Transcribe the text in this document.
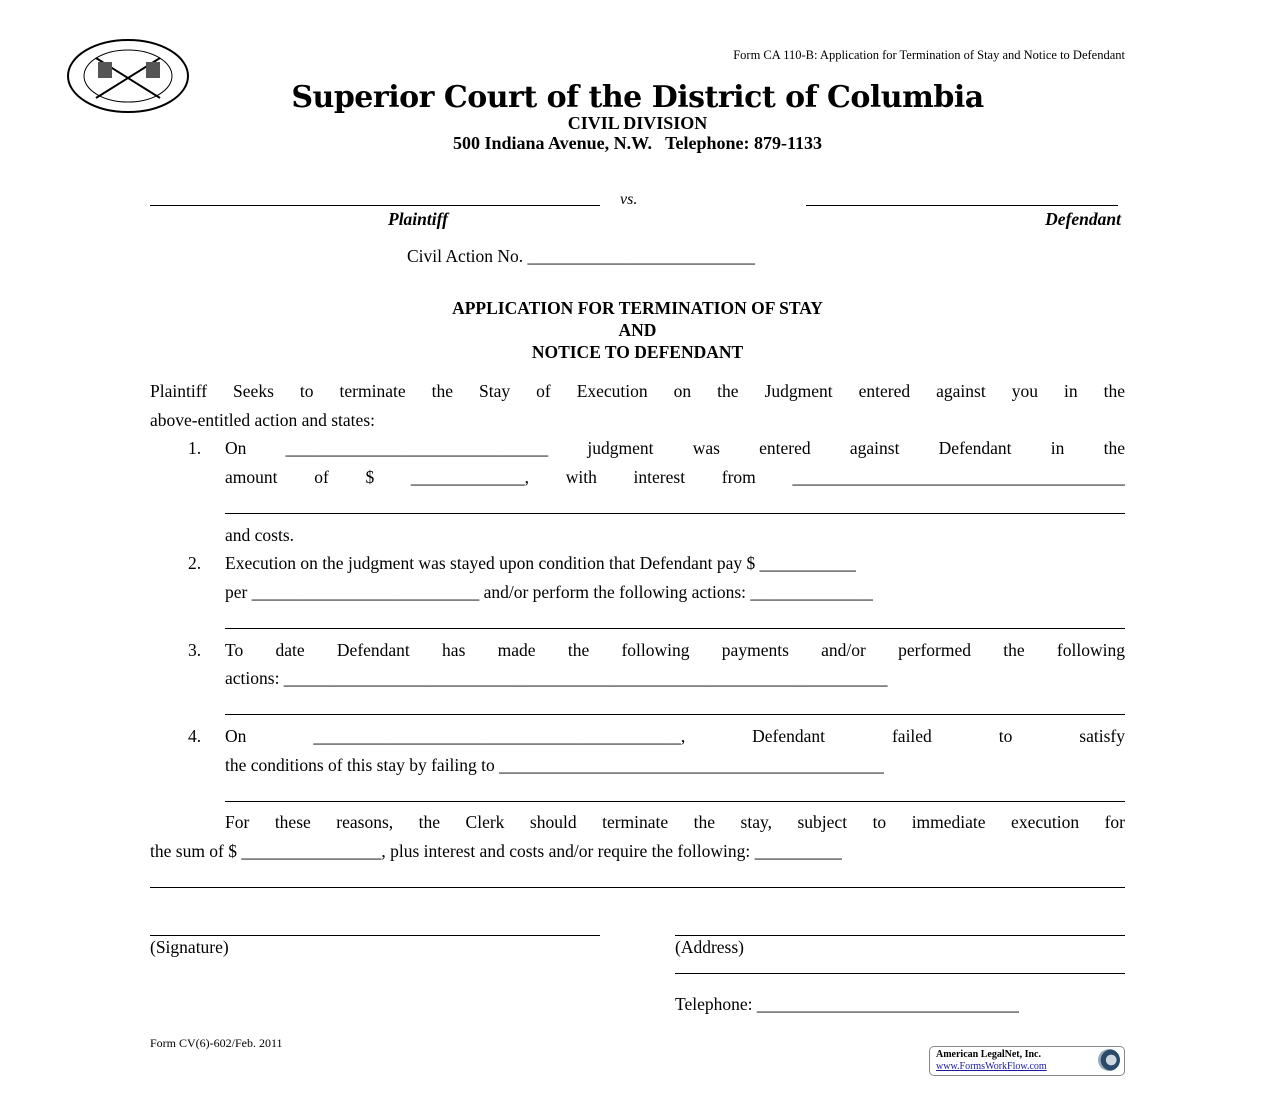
Form CA 110-B: Application for Termination of Stay and Notice to Defendant
Superior Court of the District of Columbia
CIVIL DIVISION
500 Indiana Avenue, N.W.   Telephone: 879-1133
vs.
Plaintiff	Defendant
Civil Action No. __________________________
APPLICATION FOR TERMINATION OF STAY
AND
NOTICE TO DEFENDANT
Plaintiff Seeks to terminate the Stay of Execution on the Judgment entered against you in the
above-entitled action and states:
1. On ______________________________ judgment was entered against Defendant in the
amount of $ _____________, with interest from ______________________________________
and costs.
2. Execution on the judgment was stayed upon condition that Defendant pay $ ___________
per __________________________ and/or perform the following actions: ______________
3. To date Defendant has made the following payments and/or performed the following
actions: _____________________________________________________________________
4. On __________________________________________, Defendant failed to satisfy
the conditions of this stay by failing to ____________________________________________
For these reasons, the Clerk should terminate the stay, subject to immediate execution for
the sum of $ ________________, plus interest and costs and/or require the following: __________
(Signature)	(Address)
Telephone: ______________________________
Form CV(6)-602/Feb. 2011
American LegalNet, Inc.
www.FormsWorkFlow.com
